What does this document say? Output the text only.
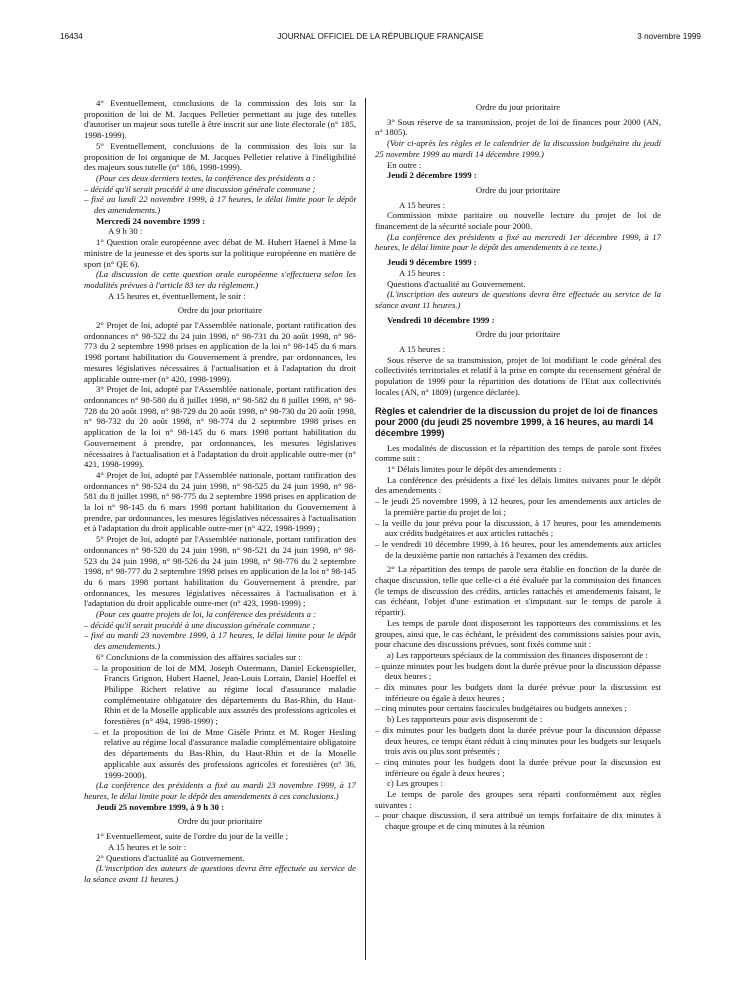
16434	JOURNAL OFFICIEL DE LA RÉPUBLIQUE FRANÇAISE	3 novembre 1999

4° Eventuellement, conclusions de la commission des lois sur la proposition de loi de M. Jacques Pelletier permettant au juge des tutelles d'autoriser un majeur sous tutelle à être inscrit sur une liste électorale (n° 185, 1998-1999).

5° Eventuellement, conclusions de la commission des lois sur la proposition de loi organique de M. Jacques Pelletier relative à l'inéligibilité des majeurs sous tutelle (n° 186, 1998-1999).

(Pour ces deux derniers textes, la conférence des présidents a :

– décidé qu'il serait procédé à une discussion générale commune ;

– fixé au lundi 22 novembre 1999, à 17 heures, le délai limite pour le dépôt des amendements.)

Mercredi 24 novembre 1999 :

A 9 h 30 :

1° Question orale européenne avec débat de M. Hubert Haenel à Mme la ministre de la jeunesse et des sports sur la politique européenne en matière de sport (n° QE 6).

(La discussion de cette question orale européenne s'effectuera selon les modalités prévues à l'article 83 ter du règlement.)

A 15 heures et, éventuellement, le soir :

Ordre du jour prioritaire

2° Projet de loi, adopté par l'Assemblée nationale, portant ratification des ordonnances n° 98-522 du 24 juin 1998, n° 98-731 du 20 août 1998, n° 98-773 du 2 septembre 1998 prises en application de la loi n° 98-145 du 6 mars 1998 portant habilitation du Gouvernement à prendre, par ordonnances, les mesures législatives nécessaires à l'actualisation et à l'adaptation du droit applicable outre-mer (n° 420, 1998-1999).

3° Projet de loi, adopté par l'Assemblée nationale, portant ratification des ordonnances n° 98-580 du 8 juillet 1998, n° 98-582 du 8 juillet 1998, n° 98-728 du 20 août 1998, n° 98-729 du 20 août 1998, n° 98-730 du 20 août 1998, n° 98-732 du 20 août 1998, n° 98-774 du 2 septembre 1998 prises en application de la loi n° 98-145 du 6 mars 1998 portant habilitation du Gouvernement à prendre, par ordonnances, les mesures législatives nécessaires à l'actualisation et à l'adaptation du droit applicable outre-mer (n° 421, 1998-1999).

4° Projet de loi, adopté par l'Assemblée nationale, portant ratification des ordonnances n° 98-524 du 24 juin 1998, n° 98-525 du 24 juin 1998, n° 98-581 du 8 juillet 1998, n° 98-775 du 2 septembre 1998 prises en application de la loi n° 98-145 du 6 mars 1998 portant habilitation du Gouvernement à prendre, par ordonnances, les mesures législatives nécessaires à l'actualisation et à l'adaptation du droit applicable outre-mer (n° 422, 1998-1999) ;

5° Projet de loi, adopté par l'Assemblée nationale, portant ratification des ordonnances n° 98-520 du 24 juin 1998, n° 98-521 du 24 juin 1998, n° 98-523 du 24 juin 1998, n° 98-526 du 24 juin 1998, n° 98-776 du 2 septembre 1998, n° 98-777 du 2 septembre 1998 prises en application de la loi n° 98-145 du 6 mars 1998 portant habilitation du Gouvernement à prendre, par ordonnances, les mesures législatives nécessaires à l'actualisation et à l'adaptation du droit applicable outre-mer (n° 423, 1998-1999) ;

(Pour ces quatre projets de loi, la conférence des présidents a :

– décidé qu'il serait procédé à une discussion générale commune ;

– fixé au mardi 23 novembre 1999, à 17 heures, le délai limite pour le dépôt des amendements.)

6° Conclusions de la commission des affaires sociales sur :

– la proposition de loi de MM. Joseph Ostermann, Daniel Eckenspieller, Francis Grignon, Hubert Haenel, Jean-Louis Lorrain, Daniel Hoeffel et Philippe Richert relative au régime local d'assurance maladie complémentaire obligatoire des départements du Bas-Rhin, du Haut-Rhin et de la Moselle applicable aux assurés des professions agricoles et forestières (n° 494, 1998-1999) ;

– et la proposition de loi de Mme Gisèle Printz et M. Roger Hesling relative au régime local d'assurance maladie complémentaire obligatoire des départements du Bas-Rhin, du Haut-Rhin et de la Moselle applicable aux assurés des professions agricoles et forestières (n° 36, 1999-2000).

(La conférence des présidents a fixé au mardi 23 novembre 1999, à 17 heures, le délai limite pour le dépôt des amendements à ces conclusions.)

Jeudi 25 novembre 1999, à 9 h 30 :

Ordre du jour prioritaire

1° Eventuellement, suite de l'ordre du jour de la veille ;

A 15 heures et le soir :

2° Questions d'actualité au Gouvernement.

(L'inscription des auteurs de questions devra être effectuée au service de la séance avant 11 heures.)

Ordre du jour prioritaire

3° Sous réserve de sa transmission, projet de loi de finances pour 2000 (AN, n° 1805).

(Voir ci-après les règles et le calendrier de la discussion budgétaire du jeudi 25 novembre 1999 au mardi 14 décembre 1999.)

En outre :

Jeudi 2 décembre 1999 :

Ordre du jour prioritaire

A 15 heures :

Commission mixte paritaire ou nouvelle lecture du projet de loi de financement de la sécurité sociale pour 2000.

(La conférence des présidents a fixé au mercredi 1er décembre 1999, à 17 heures, le délai limite pour le dépôt des amendements à ce texte.)

Jeudi 9 décembre 1999 :

A 15 heures :

Questions d'actualité au Gouvernement.

(L'inscription des auteurs de questions devra être effectuée au service de la séance avant 11 heures.)

Vendredi 10 décembre 1999 :

Ordre du jour prioritaire

A 15 heures :

Sous réserve de sa transmission, projet de loi modifiant le code général des collectivités territoriales et relatif à la prise en compte du recensement général de population de 1999 pour la répartition des dotations de l'Etat aux collectivités locales (AN, n° 1809) (urgence déclarée).

Règles et calendrier de la discussion du projet de loi de finances pour 2000 (du jeudi 25 novembre 1999, à 16 heures, au mardi 14 décembre 1999)

Les modalités de discussion et la répartition des temps de parole sont fixées comme suit :

1° Délais limites pour le dépôt des amendements :

La conférence des présidents a fixé les délais limites suivants pour le dépôt des amendements :

– le jeudi 25 novembre 1999, à 12 heures, pour les amendements aux articles de la première partie du projet de loi ;

– la veille du jour prévu pour la discussion, à 17 heures, pour les amendements aux crédits budgétaires et aux articles rattachés ;

– le vendredi 10 décembre 1999, à 16 heures, pour les amendements aux articles de la deuxième partie non rattachés à l'examen des crédits.

2° La répartition des temps de parole sera établie en fonction de la durée de chaque discussion, telle que celle-ci a été évaluée par la commission des finances (le temps de discussion des crédits, articles rattachés et amendements faisant, le cas échéant, l'objet d'une estimation et s'imputant sur le temps de parole à répartir).

Les temps de parole dont disposeront les rapporteurs des commissions et les groupes, ainsi que, le cas échéant, le président des commissions saisies pour avis, pour chacune des discussions prévues, sont fixés comme suit :

a) Les rapporteurs spéciaux de la commission des finances disposeront de :

– quinze minutes pour les budgets dont la durée prévue pour la discussion dépasse deux heures ;

– dix minutes pour les budgets dont la durée prévue pour la discussion est inférieure ou égale à deux heures ;

– cinq minutes pour certains fascicules budgétaires ou budgets annexes ;

b) Les rapporteurs pour avis disposeront de :

– dix minutes pour les budgets dont la durée prévue pour la discussion dépasse deux heures, ce temps étant réduit à cinq minutes pour les budgets sur lesquels trois avis ou plus sont présentés ;

– cinq minutes pour les budgets dont la durée prévue pour la discussion est inférieure ou égale à deux heures ;

c) Les groupes :

Le temps de parole des groupes sera réparti conformément aux règles suivantes :

– pour chaque discussion, il sera attribué un temps forfaitaire de dix minutes à chaque groupe et de cinq minutes à la réunion
